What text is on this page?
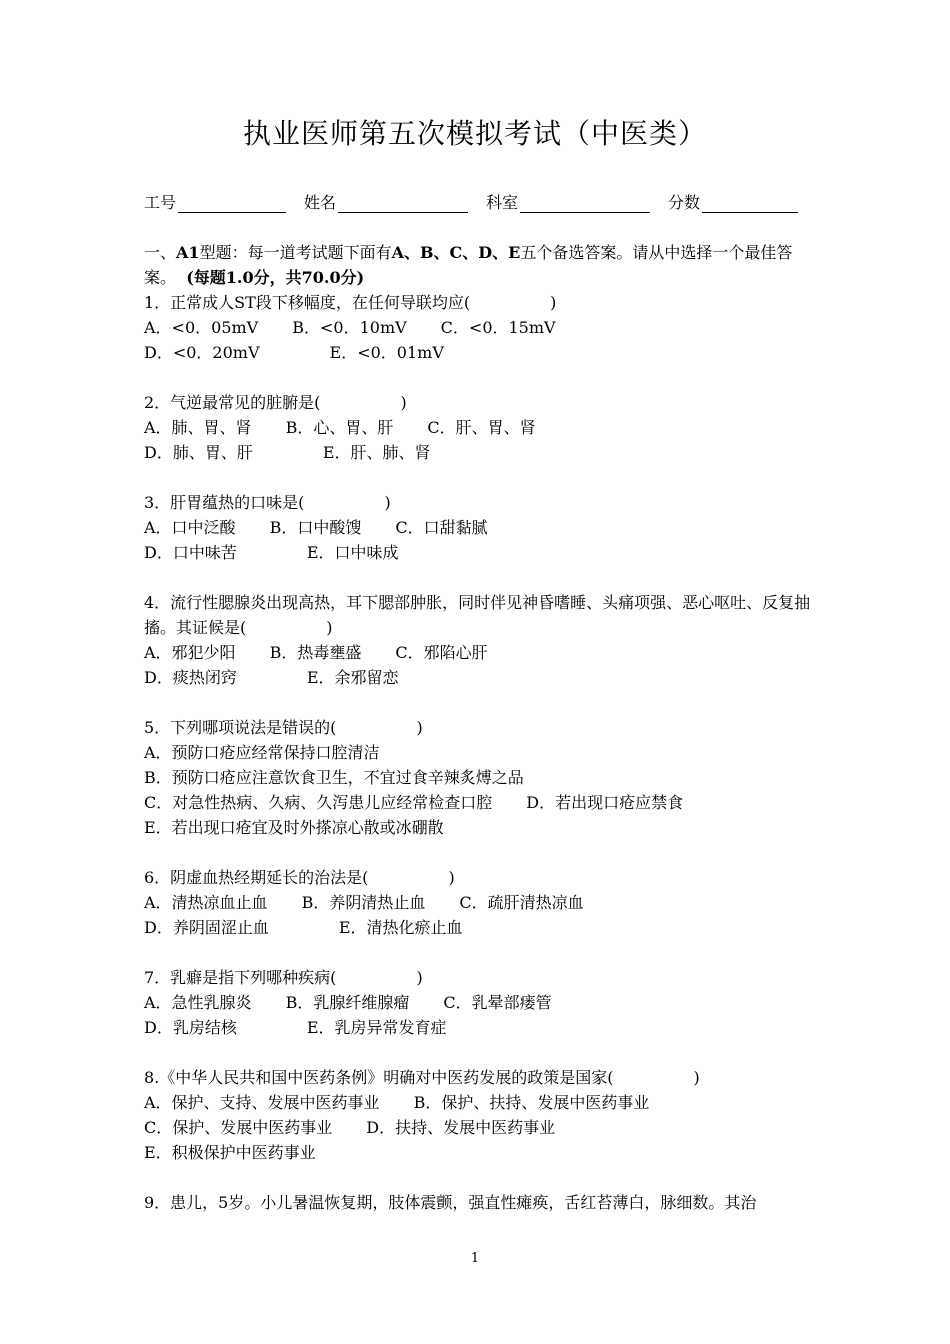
执业医师第五次模拟考试（中医类）
工号	姓名	科室	分数
一、A1型题：每一道考试题下面有A、B、C、D、E五个备选答案。请从中选择一个最佳答案。 (每题1.0分，共70.0分)
1．正常成人ST段下移幅度，在任何导联均应(	)
A．<0．05mV B．<0．10mV C．<0．15mV
D．<0．20mV	E．<0．01mV
2．气逆最常见的脏腑是(	)
A．肺、胃、肾 B．心、胃、肝 C．肝、胃、肾
D．肺、胃、肝	E．肝、肺、肾
3．肝胃蕴热的口味是(	)
A．口中泛酸 B．口中酸馊 C．口甜黏腻
D．口中味苦	E．口中味成
4．流行性腮腺炎出现高热，耳下腮部肿胀，同时伴见神昏嗜睡、头痛项强、恶心呕吐、反复抽搐。其证候是(	)
A．邪犯少阳 B．热毒壅盛 C．邪陷心肝
D．痰热闭窍	E．余邪留恋
5．下列哪项说法是错误的(	)
A．预防口疮应经常保持口腔清洁
B．预防口疮应注意饮食卫生，不宜过食辛辣炙煿之品
C．对急性热病、久病、久泻患儿应经常检查口腔 D．若出现口疮应禁食
E．若出现口疮宜及时外搽凉心散或冰硼散
6．阴虚血热经期延长的治法是(	)
A．清热凉血止血 B．养阴清热止血 C．疏肝清热凉血
D．养阴固涩止血	E．清热化瘀止血
7．乳癖是指下列哪种疾病(	)
A．急性乳腺炎 B．乳腺纤维腺瘤 C．乳晕部瘘管
D．乳房结核	E．乳房异常发育症
8.《中华人民共和国中医药条例》明确对中医药发展的政策是国家(	)
A．保护、支持、发展中医药事业 B．保护、扶持、发展中医药事业
C．保护、发展中医药事业 D．扶持、发展中医药事业
E．积极保护中医药事业
9．患儿，5岁。小儿暑温恢复期，肢体震颤，强直性瘫痪，舌红苔薄白，脉细数。其治
1
